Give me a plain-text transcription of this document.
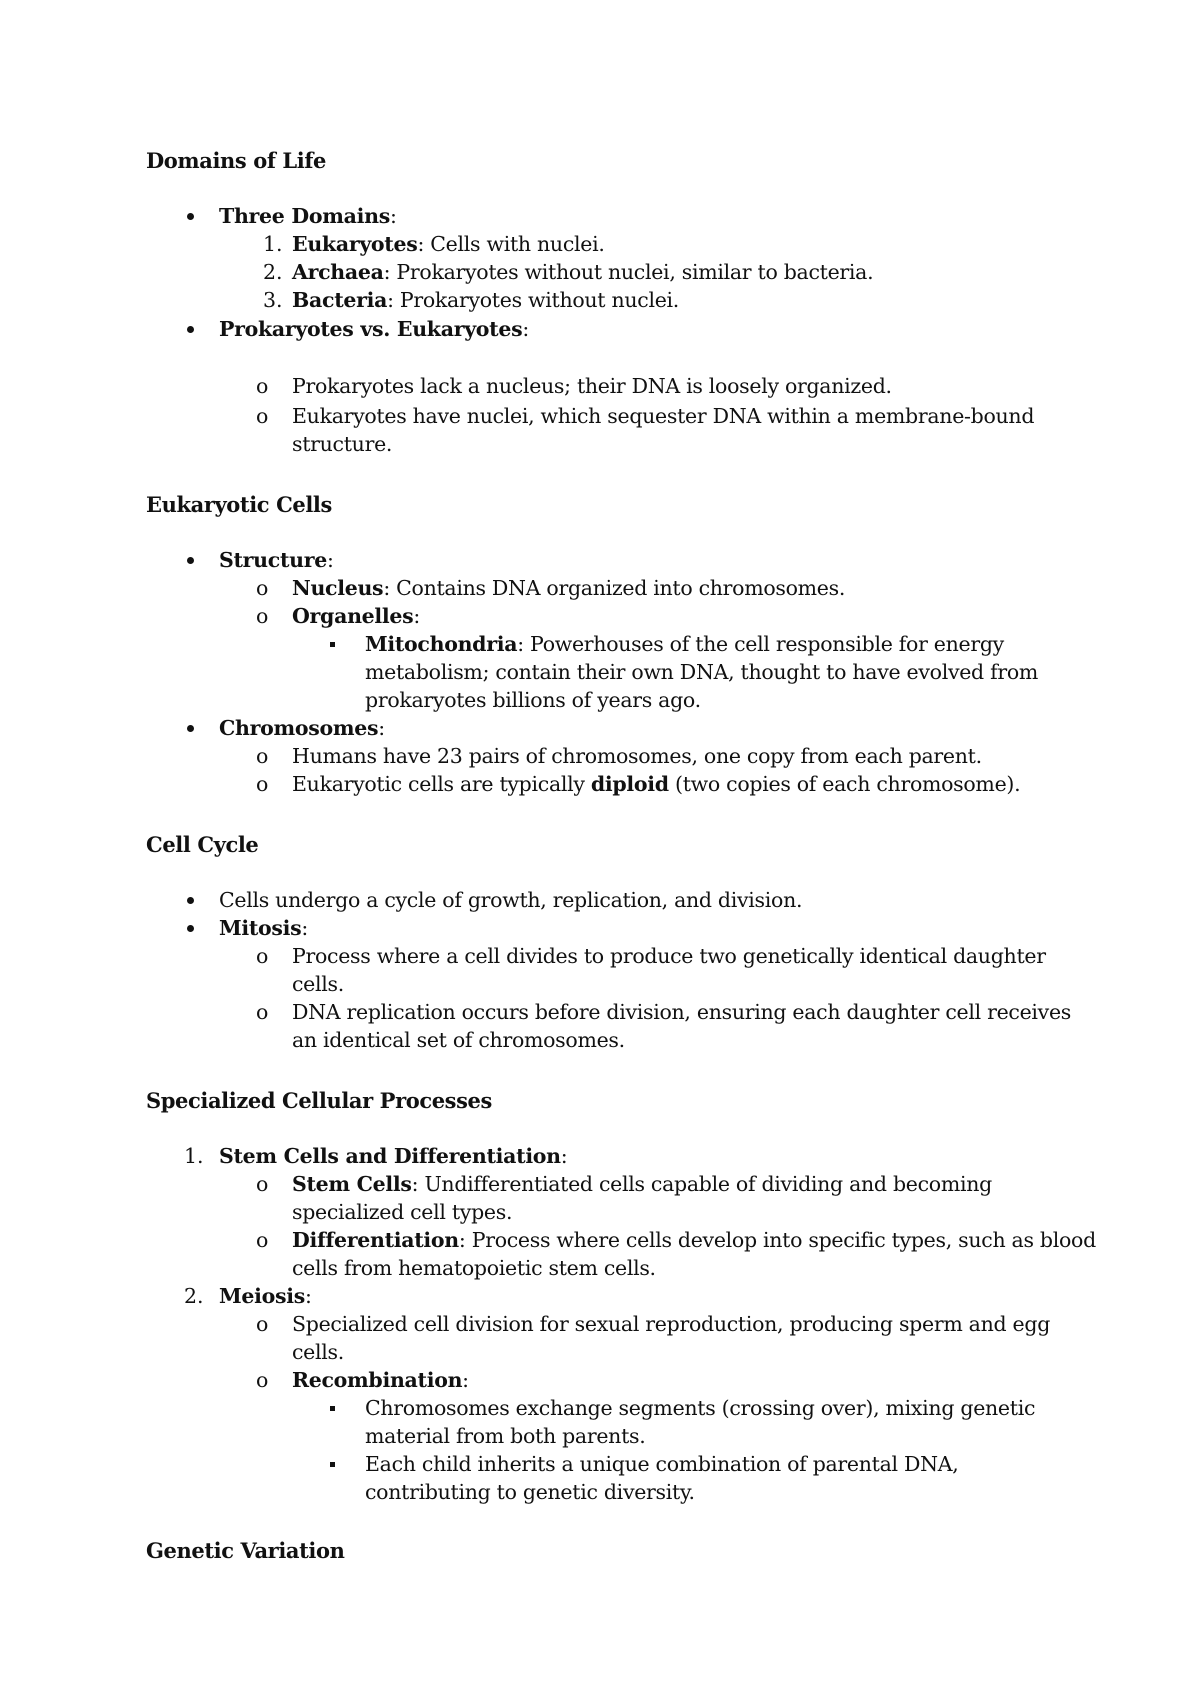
Domains of Life
Three Domains:
1. Eukaryotes: Cells with nuclei.
2. Archaea: Prokaryotes without nuclei, similar to bacteria.
3. Bacteria: Prokaryotes without nuclei.
Prokaryotes vs. Eukaryotes:
o Prokaryotes lack a nucleus; their DNA is loosely organized.
o Eukaryotes have nuclei, which sequester DNA within a membrane-bound
structure.
Eukaryotic Cells
Structure:
o Nucleus: Contains DNA organized into chromosomes.
o Organelles:
Mitochondria: Powerhouses of the cell responsible for energy
metabolism; contain their own DNA, thought to have evolved from
prokaryotes billions of years ago.
Chromosomes:
o Humans have 23 pairs of chromosomes, one copy from each parent.
o Eukaryotic cells are typically diploid (two copies of each chromosome).
Cell Cycle
Cells undergo a cycle of growth, replication, and division.
Mitosis:
o Process where a cell divides to produce two genetically identical daughter
cells.
o DNA replication occurs before division, ensuring each daughter cell receives
an identical set of chromosomes.
Specialized Cellular Processes
1. Stem Cells and Differentiation:
o Stem Cells: Undifferentiated cells capable of dividing and becoming
specialized cell types.
o Differentiation: Process where cells develop into specific types, such as blood
cells from hematopoietic stem cells.
2. Meiosis:
o Specialized cell division for sexual reproduction, producing sperm and egg
cells.
o Recombination:
Chromosomes exchange segments (crossing over), mixing genetic
material from both parents.
Each child inherits a unique combination of parental DNA,
contributing to genetic diversity.
Genetic Variation
